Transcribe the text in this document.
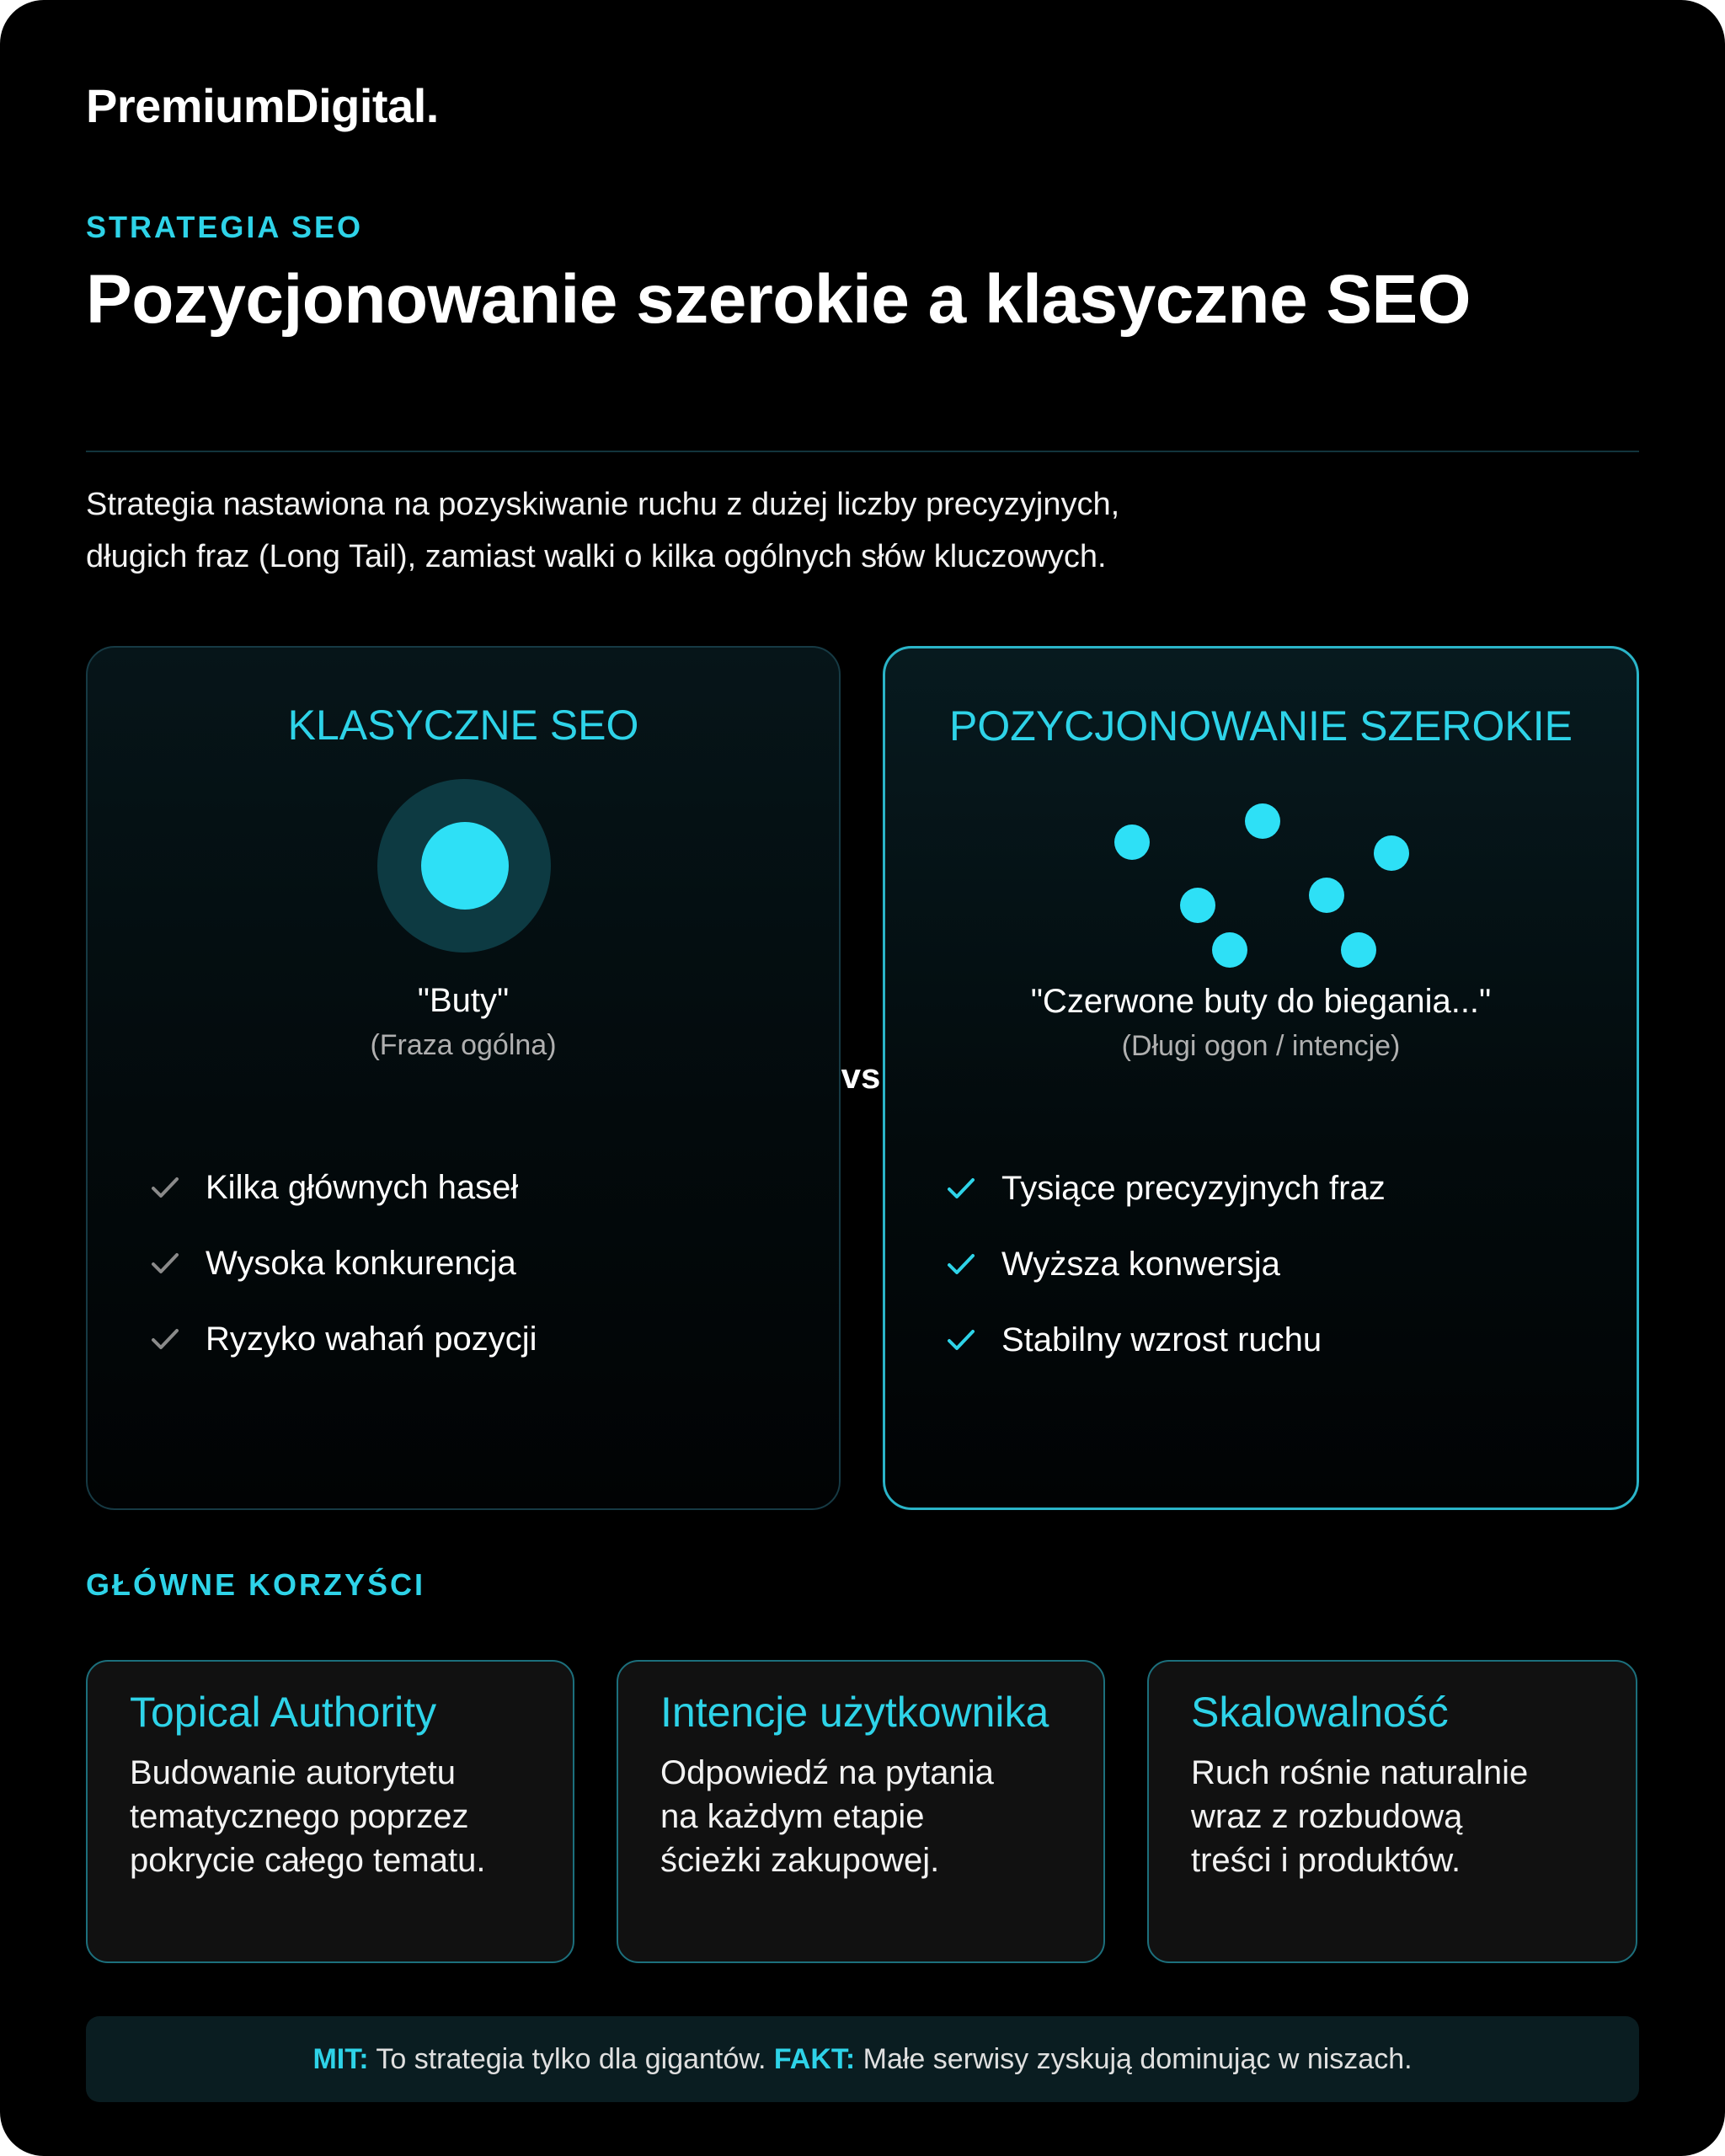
PremiumDigital.
STRATEGIA SEO
Pozycjonowanie szerokie a klasyczne SEO
Strategia nastawiona na pozyskiwanie ruchu z dużej liczby precyzyjnych,
długich fraz (Long Tail), zamiast walki o kilka ogólnych słów kluczowych.
KLASYCZNE SEO
"Buty"
(Fraza ogólna)
Kilka głównych haseł
Wysoka konkurencja
Ryzyko wahań pozycji
vs
POZYCJONOWANIE SZEROKIE
"Czerwone buty do biegania..."
(Długi ogon / intencje)
Tysiące precyzyjnych fraz
Wyższa konwersja
Stabilny wzrost ruchu
GŁÓWNE KORZYŚCI
Topical Authority
Budowanie autorytetu
tematycznego poprzez
pokrycie całego tematu.
Intencje użytkownika
Odpowiedź na pytania
na każdym etapie
ścieżki zakupowej.
Skalowalność
Ruch rośnie naturalnie
wraz z rozbudową
treści i produktów.
MIT: To strategia tylko dla gigantów. FAKT: Małe serwisy zyskują dominując w niszach.
